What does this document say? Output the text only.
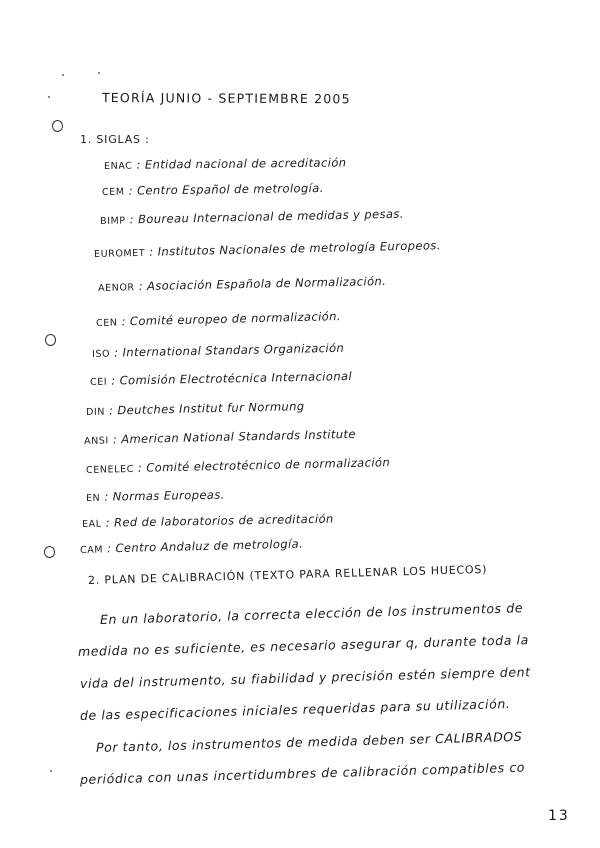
TEORÍA JUNIO - SEPTIEMBRE 2005
1. SIGLAS :
ENAC : Entidad nacional de acreditación
CEM : Centro Español de metrología.
BIMP : Boureau Internacional de medidas y pesas.
EUROMET : Institutos Nacionales de metrología Europeos.
AENOR : Asociación Española de Normalización.
CEN : Comité europeo de normalización.
ISO : International Standars Organización
CEI : Comisión Electrotécnica Internacional
DIN : Deutches Institut fur Normung
ANSI : American National Standards Institute
CENELEC : Comité electrotécnico de normalización
EN : Normas Europeas.
EAL : Red de laboratorios de acreditación
CAM : Centro Andaluz de metrología.
2. PLAN DE CALIBRACIÓN (TEXTO PARA RELLENAR LOS HUECOS)
En un laboratorio, la correcta elección de los instrumentos de
medida no es suficiente, es necesario asegurar q, durante toda la
vida del instrumento, su fiabilidad y precisión estén siempre dent
de las especificaciones iniciales requeridas para su utilización.
Por tanto, los instrumentos de medida deben ser CALIBRADOS
periódica con unas incertidumbres de calibración compatibles co
13
